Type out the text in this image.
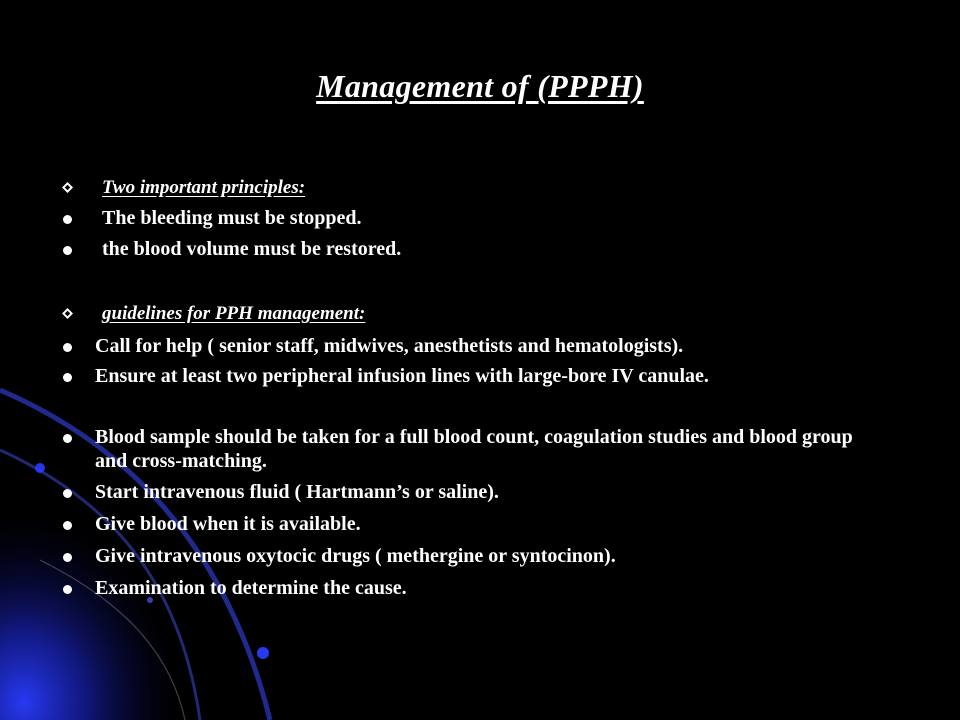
Management of (PPPH)
Two important principles:
The bleeding must be stopped.
the blood volume must be restored.
guidelines for PPH management:
Call for help ( senior staff, midwives, anesthetists and hematologists).
Ensure at least two peripheral infusion lines with large-bore IV canulae.
Blood sample should be taken for a full blood count, coagulation studies and blood group and cross-matching.
Start intravenous fluid ( Hartmann’s or saline).
Give blood when it is available.
Give intravenous oxytocic drugs ( methergine or syntocinon).
Examination to determine the cause.
